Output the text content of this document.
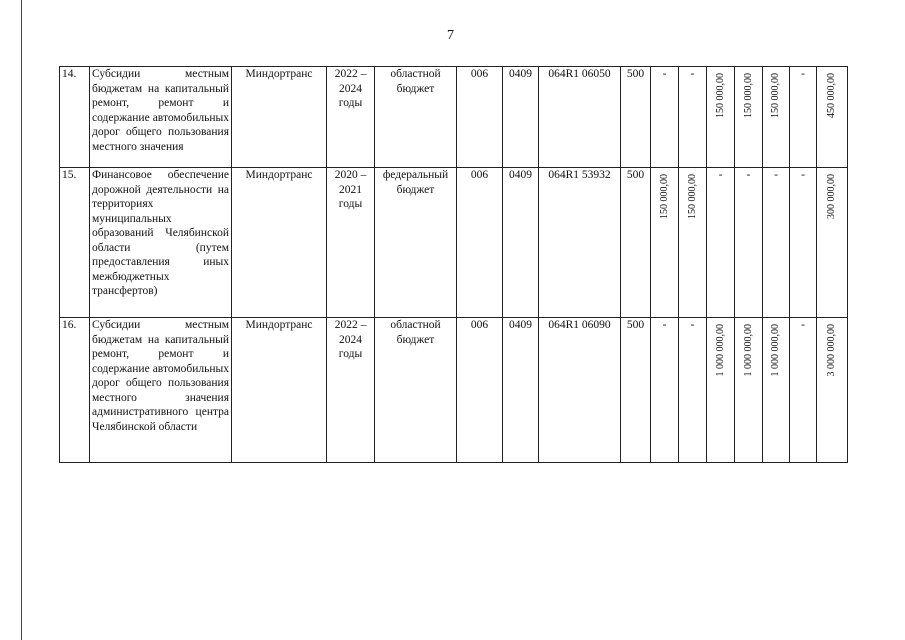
7
14.	Субсидии местным бюджетам на капитальный ремонт, ремонт и содержание автомобильных дорог общего пользования местного значения	Миндортранс	2022 – 2024 годы	областной бюджет	006	0409	064R1 06050	500	-	-	150 000,00	150 000,00	150 000,00	-	450 000,00

15.	Финансовое обеспечение дорожной деятельности на территориях муниципальных образований Челябинской области (путем предоставления иных межбюджетных трансфертов)	Миндортранс	2020 – 2021 годы	федеральный бюджет	006	0409	064R1 53932	500	150 000,00	150 000,00	-	-	-	-	300 000,00

16.	Субсидии местным бюджетам на капитальный ремонт, ремонт и содержание автомобильных дорог общего пользования местного значения административного центра Челябинской области	Миндортранс	2022 – 2024 годы	областной бюджет	006	0409	064R1 06090	500	-	-	1 000 000,00	1 000 000,00	1 000 000,00	-	3 000 000,00
